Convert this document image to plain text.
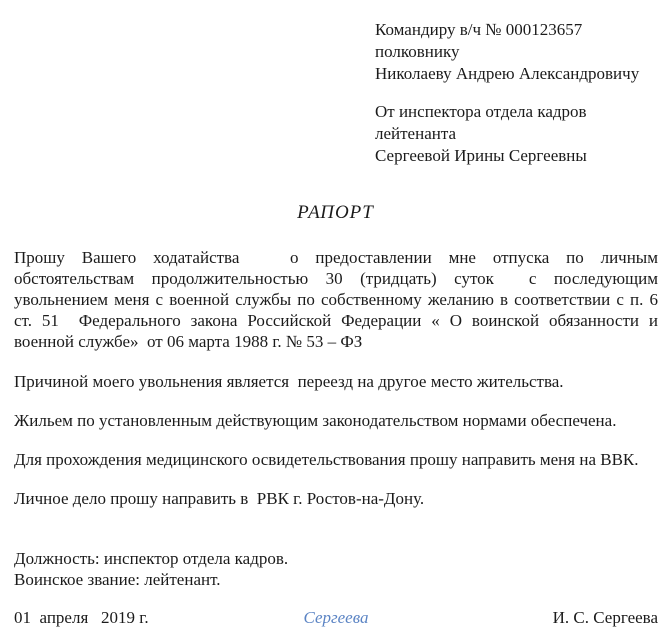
Командиру в/ч № 000123657
полковнику
Николаеву Андрею Александровичу
От инспектора отдела кадров
лейтенанта
Сергеевой Ирины Сергеевны
РАПОРТ
Прошу Вашего ходатайства   о предоставлении мне отпуска по личным
обстоятельствам продолжительностью 30 (тридцать) суток  с последующим
увольнением меня с военной службы по собственному желанию в соответствии с п. 6
ст. 51  Федерального закона Российской Федерации « О воинской обязанности и
военной службе»  от 06 марта 1988 г. № 53 – ФЗ

Причиной моего увольнения является  переезд на другое место жительства.

Жильем по установленным действующим законодательством нормами обеспечена.

Для прохождения медицинского освидетельствования прошу направить меня на ВВК.

Личное дело прошу направить в  РВК г. Ростов-на-Дону.

Должность: инспектор отдела кадров.
Воинское звание: лейтенант.
01  апреля   2019 г.	Сергеева	И. С. Сергеева
